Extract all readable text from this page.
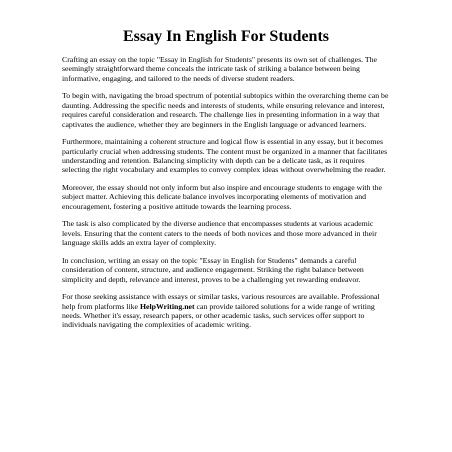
Essay In English For Students

Crafting an essay on the topic "Essay in English for Students" presents its own set of challenges. The seemingly straightforward theme conceals the intricate task of striking a balance between being informative, engaging, and tailored to the needs of diverse student readers.

To begin with, navigating the broad spectrum of potential subtopics within the overarching theme can be daunting. Addressing the specific needs and interests of students, while ensuring relevance and interest, requires careful consideration and research. The challenge lies in presenting information in a way that captivates the audience, whether they are beginners in the English language or advanced learners.

Furthermore, maintaining a coherent structure and logical flow is essential in any essay, but it becomes particularly crucial when addressing students. The content must be organized in a manner that facilitates understanding and retention. Balancing simplicity with depth can be a delicate task, as it requires selecting the right vocabulary and examples to convey complex ideas without overwhelming the reader.

Moreover, the essay should not only inform but also inspire and encourage students to engage with the subject matter. Achieving this delicate balance involves incorporating elements of motivation and encouragement, fostering a positive attitude towards the learning process.

The task is also complicated by the diverse audience that encompasses students at various academic levels. Ensuring that the content caters to the needs of both novices and those more advanced in their language skills adds an extra layer of complexity.

In conclusion, writing an essay on the topic "Essay in English for Students" demands a careful consideration of content, structure, and audience engagement. Striking the right balance between simplicity and depth, relevance and interest, proves to be a challenging yet rewarding endeavor.

For those seeking assistance with essays or similar tasks, various resources are available. Professional help from platforms like HelpWriting.net can provide tailored solutions for a wide range of writing needs. Whether it's essay, research papers, or other academic tasks, such services offer support to individuals navigating the complexities of academic writing.
